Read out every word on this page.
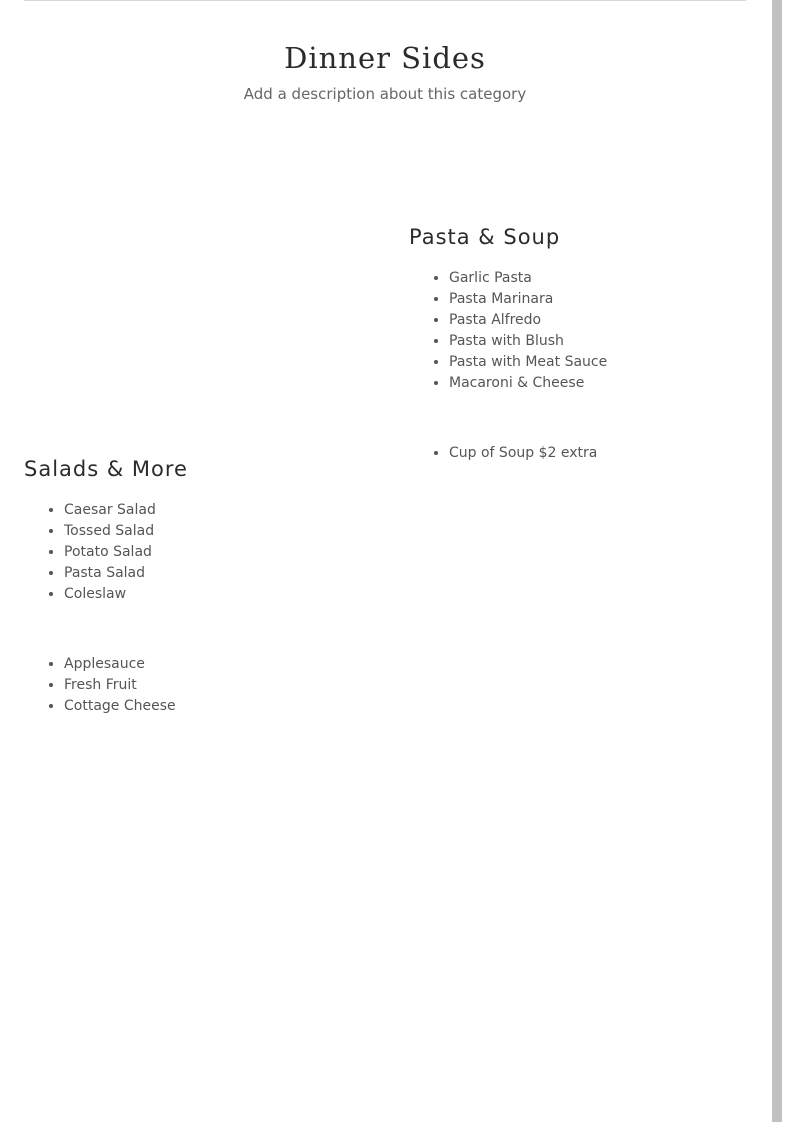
Dinner Sides

Add a description about this category

Pasta & Soup
• Garlic Pasta
• Pasta Marinara
• Pasta Alfredo
• Pasta with Blush
• Pasta with Meat Sauce
• Macaroni & Cheese
• Cup of Soup $2 extra
Salads & More
• Caesar Salad
• Tossed Salad
• Potato Salad
• Pasta Salad
• Coleslaw
• Applesauce
• Fresh Fruit
• Cottage Cheese
